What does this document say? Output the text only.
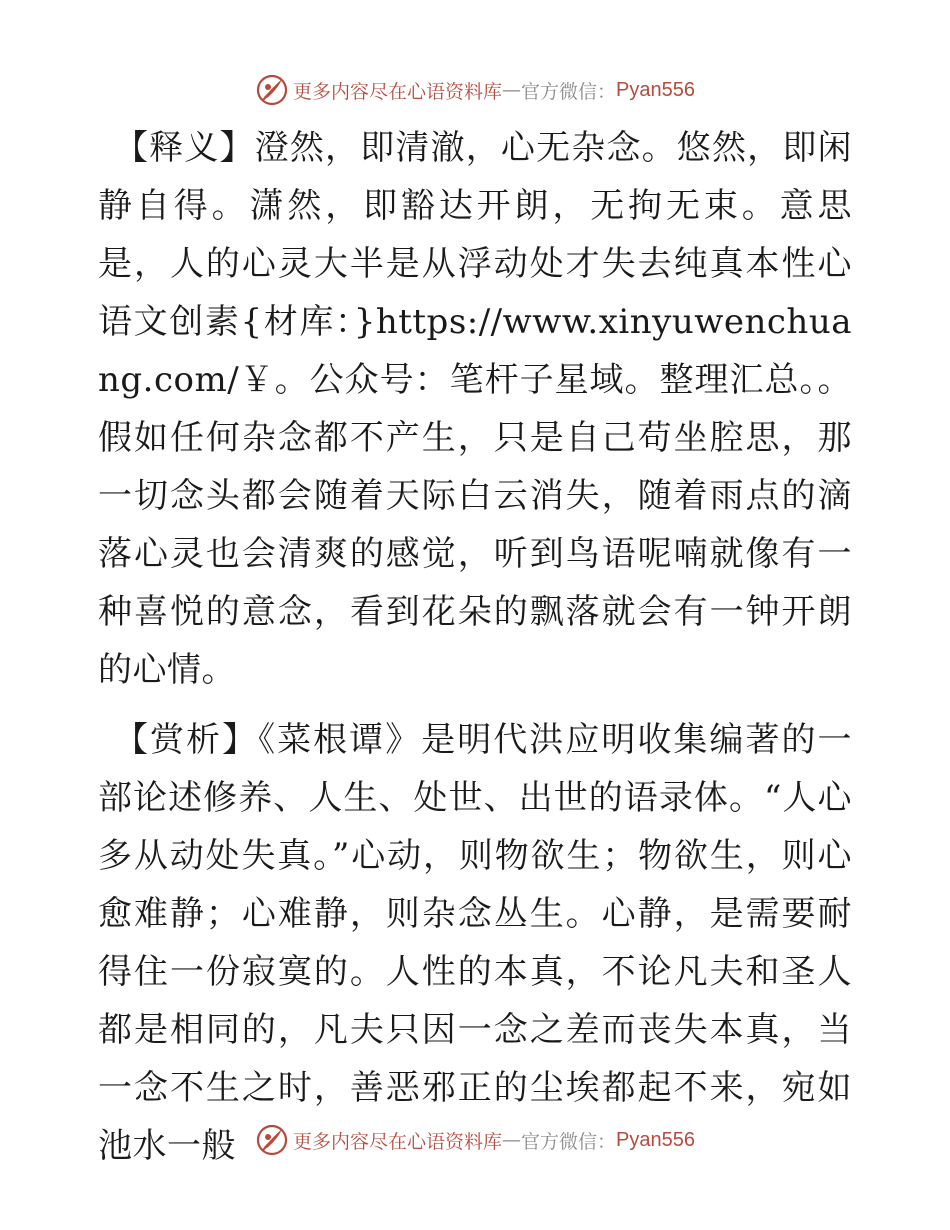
更多内容尽在心语资料库 — 官方微信： Pyan556

【释义】澄然，即清澈，心无杂念。悠然，即闲静自得。潇然，即豁达开朗，无拘无束。意思是，人的心灵大半是从浮动处才失去纯真本性心语文创素{材库：}https://www.xinyuwenchuang.com/￥。公众号：笔杆子星域。整理汇总。。假如任何杂念都不产生，只是自己苟坐腔思，那一切念头都会随着天际白云消失，随着雨点的滴落心灵也会清爽的感觉，听到鸟语呢喃就像有一种喜悦的意念，看到花朵的飘落就会有一钟开朗的心情。

【赏析】《菜根谭》是明代洪应明收集编著的一部论述修养、人生、处世、出世的语录体。“人心多从动处失真。”心动，则物欲生；物欲生，则心愈难静；心难静，则杂念丛生。心静，是需要耐得住一份寂寞的。人性的本真，不论凡夫和圣人都是相同的，凡夫只因一念之差而丧失本真，当一念不生之时，善恶邪正的尘埃都起不来，宛如池水一般	更多内容尽在心语资料库 — 官方微信： Pyan556
